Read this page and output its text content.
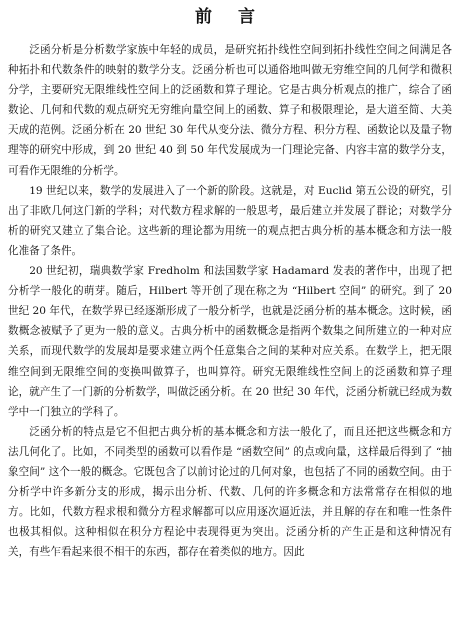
前 言

泛函分析是分析数学家族中年轻的成员，是研究拓扑线性空间到拓扑线性空间之间满足各种拓扑和代数条件的映射的数学分支。泛函分析也可以通俗地叫做无穷维空间的几何学和微积分学，主要研究无限维线性空间上的泛函数和算子理论。它是古典分析观点的推广，综合了函数论、几何和代数的观点研究无穷维向量空间上的函数、算子和极限理论，是大道至简、大美天成的范例。泛函分析在 20 世纪 30 年代从变分法、微分方程、积分方程、函数论以及量子物理等的研究中形成，到 20 世纪 40 到 50 年代发展成为一门理论完备、内容丰富的数学分支，可看作无限维的分析学。

19 世纪以来，数学的发展进入了一个新的阶段。这就是，对 Euclid 第五公设的研究，引出了非欧几何这门新的学科；对代数方程求解的一般思考，最后建立并发展了群论；对数学分析的研究又建立了集合论。这些新的理论都为用统一的观点把古典分析的基本概念和方法一般化准备了条件。

20 世纪初，瑞典数学家 Fredholm 和法国数学家 Hadamard 发表的著作中，出现了把分析学一般化的萌芽。随后，Hilbert 等开创了现在称之为 “Hilbert 空间” 的研究。到了 20 世纪 20 年代，在数学界已经逐渐形成了一般分析学，也就是泛函分析的基本概念。这时候，函数概念被赋予了更为一般的意义。古典分析中的函数概念是指两个数集之间所建立的一种对应关系，而现代数学的发展却是要求建立两个任意集合之间的某种对应关系。在数学上，把无限维空间到无限维空间的变换叫做算子，也叫算符。研究无限维线性空间上的泛函数和算子理论，就产生了一门新的分析数学，叫做泛函分析。在 20 世纪 30 年代，泛函分析就已经成为数学中一门独立的学科了。

泛函分析的特点是它不但把古典分析的基本概念和方法一般化了，而且还把这些概念和方法几何化了。比如，不同类型的函数可以看作是 “函数空间” 的点或向量，这样最后得到了 “抽象空间” 这个一般的概念。它既包含了以前讨论过的几何对象，也包括了不同的函数空间。由于分析学中许多新分支的形成，揭示出分析、代数、几何的许多概念和方法常常存在相似的地方。比如，代数方程求根和微分方程求解都可以应用逐次逼近法，并且解的存在和唯一性条件也极其相似。这种相似在积分方程论中表现得更为突出。泛函分析的产生正是和这种情况有关，有些乍看起来很不相干的东西，都存在着类似的地方。因此
